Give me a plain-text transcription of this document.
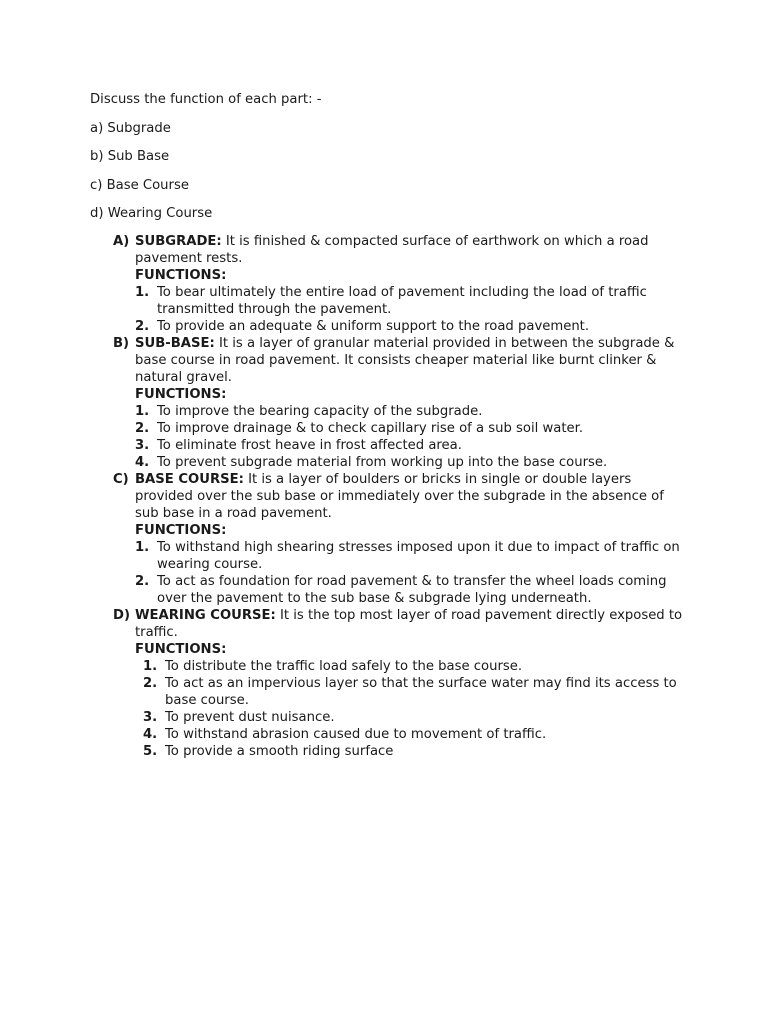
Discuss the function of each part: -
a) Subgrade
b) Sub Base
c) Base Course
d) Wearing Course
A) SUBGRADE: It is finished & compacted surface of earthwork on which a road pavement rests.
FUNCTIONS:
1. To bear ultimately the entire load of pavement including the load of traffic transmitted through the pavement.
2. To provide an adequate & uniform support to the road pavement.
B) SUB-BASE: It is a layer of granular material provided in between the subgrade & base course in road pavement. It consists cheaper material like burnt clinker & natural gravel.
FUNCTIONS:
1. To improve the bearing capacity of the subgrade.
2. To improve drainage & to check capillary rise of a sub soil water.
3. To eliminate frost heave in frost affected area.
4. To prevent subgrade material from working up into the base course.
C) BASE COURSE: It is a layer of boulders or bricks in single or double layers provided over the sub base or immediately over the subgrade in the absence of sub base in a road pavement.
FUNCTIONS:
1. To withstand high shearing stresses imposed upon it due to impact of traffic on wearing course.
2. To act as foundation for road pavement & to transfer the wheel loads coming over the pavement to the sub base & subgrade lying underneath.
D) WEARING COURSE: It is the top most layer of road pavement directly exposed to traffic.
FUNCTIONS:
1. To distribute the traffic load safely to the base course.
2. To act as an impervious layer so that the surface water may find its access to base course.
3. To prevent dust nuisance.
4. To withstand abrasion caused due to movement of traffic.
5. To provide a smooth riding surface
